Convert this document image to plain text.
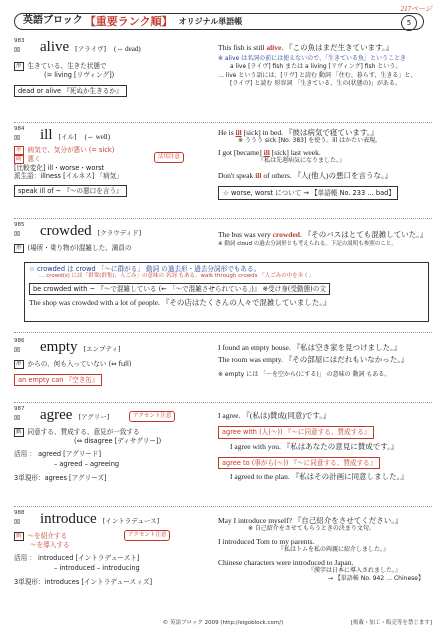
217ページ
英語ブロック 【重要ランク順】 オリジナル単語帳	5
983
☒ alive [アライヴ] (⇔ dead)
形 生きている、生きた状態で
(= living [リヴィング])
dead or alive 『死ぬか生きるか』
This fish is still alive. 『この魚はまだ生きています。』
※ alive は名詞の前には使えないので、「生きている魚」ということき
a live [ライヴ] fish または a living [リヴィング] fish という。
… live という語には、[リヴ] と読む 動詞 「住む、暮らす、生きる」と、
[ライヴ] と読む 形容詞 「生きている、生の(状態の)」がある。
984
☒ ill [イル] (⇔ well)
形 病気で、気分が悪い (= sick)
副 悪く
[比較変化] ill・worse・worst
派生語：illness [イルネス] 「病気」
speak ill of ~ 『～の悪口を言う』
活用注意
He is ill [sick] in bed. 『彼は病気で寝ています。』
※ ううう sick [No. 383] を使う。ill はかたい表現。
I got [became] ill [sick] last week.
『私は先週病気になりました。』
Don't speak ill of others. 『人(他人)の悪口を言うな。』
☆ worse, worst について → 【単語帳 No. 233 … bad】
985
☒ crowded [クラウディド]
形 (場所・乗り物が)混雑した、満員の
The bus was very crowded. 『そのバスはとても混雑していた。』
※ 動詞 cloud の過去分詞形とも考えられる。下記の説明も参照のこと。
☆ crowded は crowd 「～に群がる」 動詞 の過去形・過去分詞形でもある。
… crowd(s) には「群衆(群集)、人ごみ」の意味の 名詞 もある。walk through crowds 「人ごみの中を歩く」
be crowded with ~ 『～で混雑している (← 「～で混雑させられている」)』 ※受け身(受動態)の文
The shop was crowded with a lot of people. 『その店はたくさんの人々で混雑していました。』
986
☒ empty [エンプティ]
形 からの、何も入っていない (⇔ full)
an empty can 『空き缶』
I found an empty house. 『私は空き家を見つけました。』
The room was empty. 『その部屋にはだれもいなかった。』
※ empty には 「～を空から(にする)」 の意味の 動詞 もある。
987
☒ agree [アグリー]	アクセント注意
動 同意する、賛成する、意見が一致する
(⇔ disagree [ディサグリー])
活用 ： agreed [アグリード]
– agreed – agreeing
3単現形：agrees [アグリーズ]
I agree. 『(私は)賛成(同意)です。』
agree with (人(～)) 『～に同意する、賛成する』
I agree with you. 『私はあなたの意見に賛成です。』
agree to (事がら(～)) 『～に同意する、賛成する』
I agreed to the plan. 『私はその計画に同意しました。』
988
☒ introduce [イントラデュース]
アクセント注意
動 ～を紹介する
～を導入する
活用 ： introduced [イントラデュースト]
– introduced – introducing
3単現形：introduces [イントラデュースィズ]
May I introduce myself? 『自己紹介をさせてください。』
※ 自己紹介をさせてもらうときの決まり文句。
I introduced Tom to my parents.
『私はトムを私の両親に紹介しました。』
Chinese characters were introduced to Japan.
『漢字は日本に導入されました。』
→ 【単語帳 No. 942 … Chinese】
© 英語ブロック 2009 (http://eigoblock.com/)	[掲載・加工・販売等を禁じます]
